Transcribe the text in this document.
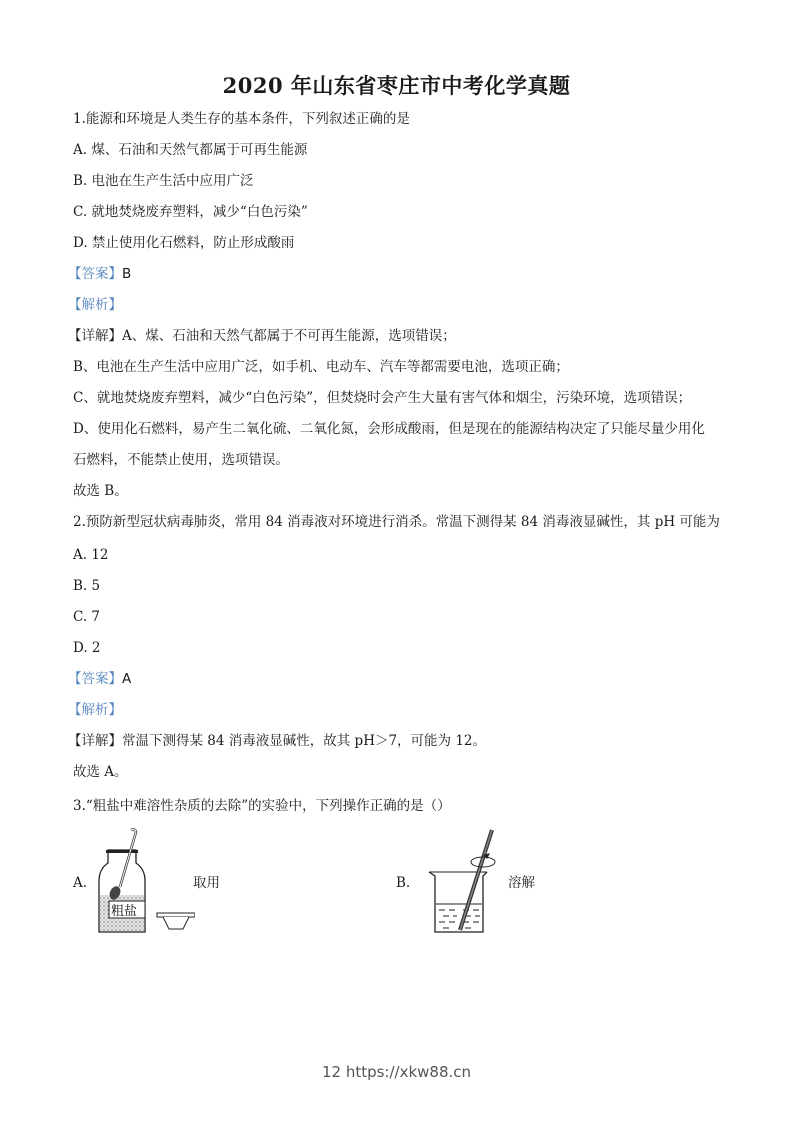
2020 年山东省枣庄市中考化学真题
1.能源和环境是人类生存的基本条件，下列叙述正确的是
A. 煤、石油和天然气都属于可再生能源
B. 电池在生产生活中应用广泛
C. 就地焚烧废弃塑料，减少“白色污染”
D. 禁止使用化石燃料，防止形成酸雨
【答案】B
【解析】
【详解】A、煤、石油和天然气都属于不可再生能源，选项错误；
B、电池在生产生活中应用广泛，如手机、电动车、汽车等都需要电池，选项正确；
C、就地焚烧废弃塑料，减少“白色污染”，但焚烧时会产生大量有害气体和烟尘，污染环境，选项错误；
D、使用化石燃料，易产生二氧化硫、二氧化氮，会形成酸雨，但是现在的能源结构决定了只能尽量少用化
石燃料，不能禁止使用，选项错误。
故选 B。
2.预防新型冠状病毒肺炎，常用 84 消毒液对环境进行消杀。常温下测得某 84 消毒液显碱性，其 pH 可能为
A. 12
B. 5
C. 7
D. 2
【答案】A
【解析】
【详解】常温下测得某 84 消毒液显碱性，故其 pH＞7，可能为 12。
故选 A。
3.“粗盐中难溶性杂质的去除”的实验中，下列操作正确的是（）
A.
粗盐
取用	B.	溶解
12 https://xkw88.cn
